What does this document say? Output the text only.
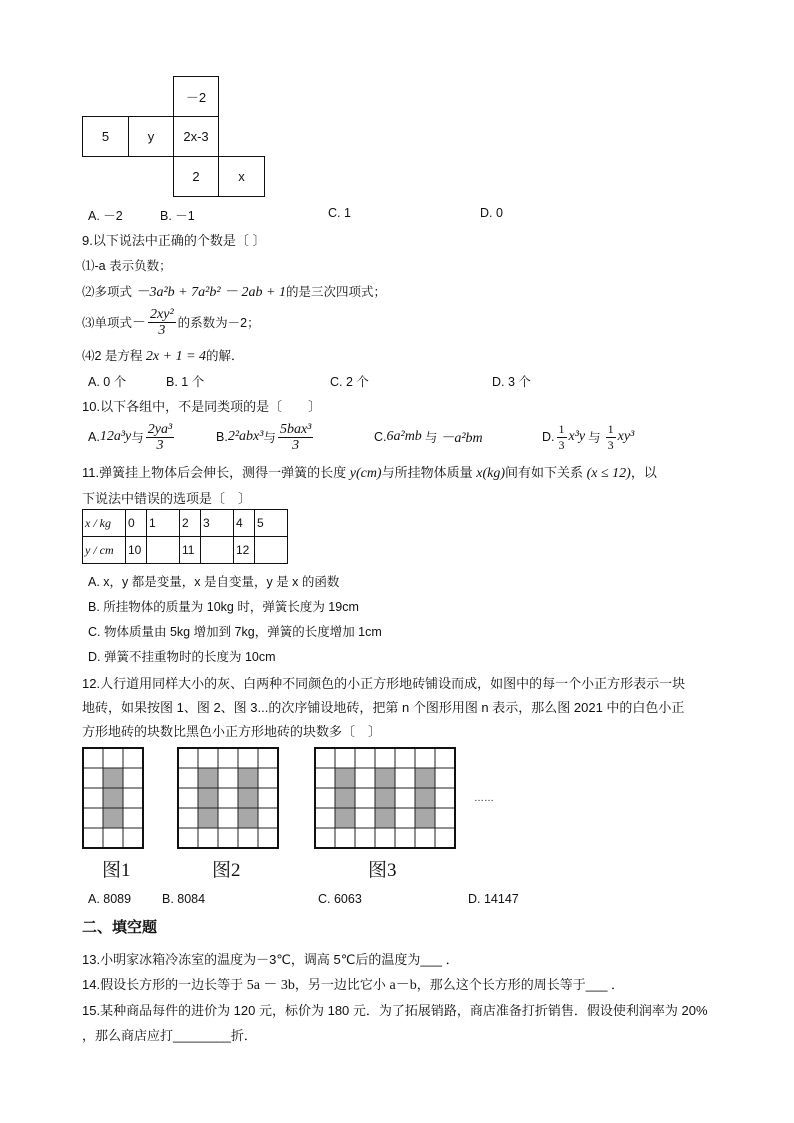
－2
5	y	2x-3
2	x
A. －2	B. －1	C. 1	D. 0
9.以下说法中正确的个数是〔 〕
⑴-a 表示负数；
⑵多项式 －3a²b + 7a²b² － 2ab + 1的是三次四项式；
⑶单项式 － $\frac{\text{2xy²}}{3}$ 的系数为－2；
⑷2 是方程 2x + 1 = 4的解．
A. 0 个	B. 1 个	C. 2 个	D. 3 个
10.以下各组中，不是同类项的是〔　　〕
A. 12a³y 与 $\frac{\text{2ya³}}{3}$	B. 2²abx³ 与 $\frac{\text{5bax³}}{3}$	C. 6a²mb 与 －a²bm	D. $\frac{1}{3} x^3y$ 与 $\frac{1}{3} xy^3$
11.弹簧挂上物体后会伸长，测得一弹簧的长度 y(cm)与所挂物体质量 x(kg)间有如下关系 (x ≤ 12)，以
下说法中错误的选项是〔　〕
x / kg	0	1	2	3	4	5
y / cm	10		11		12	
A. x，y 都是变量，x 是自变量，y 是 x 的函数
B. 所挂物体的质量为 10kg 时，弹簧长度为 19cm
C. 物体质量由 5kg 增加到 7kg，弹簧的长度增加 1cm
D. 弹簧不挂重物时的长度为 10cm
12.人行道用同样大小的灰、白两种不同颜色的小正方形地砖铺设而成，如图中的每一个小正方形表示一块
地砖，如果按图 1、图 2、图 3...的次序铺设地砖，把第 n 个图形用图 n 表示，那么图 2021 中的白色小正
方形地砖的块数比黑色小正方形地砖的块数多〔　〕
图1	图2	图3
……
A. 8089 B. 8084	C. 6063	D. 14147
二、填空题
13.小明家冰箱冷冻室的温度为－3℃，调高 5℃后的温度为___ ．
14.假设长方形的一边长等于 5a － 3b，另一边比它小 a－b，那么这个长方形的周长等于___ ．
15.某种商品每件的进价为 120 元，标价为 180 元．为了拓展销路，商店准备打折销售．假设使利润率为 20%
，那么商店应打________折．
